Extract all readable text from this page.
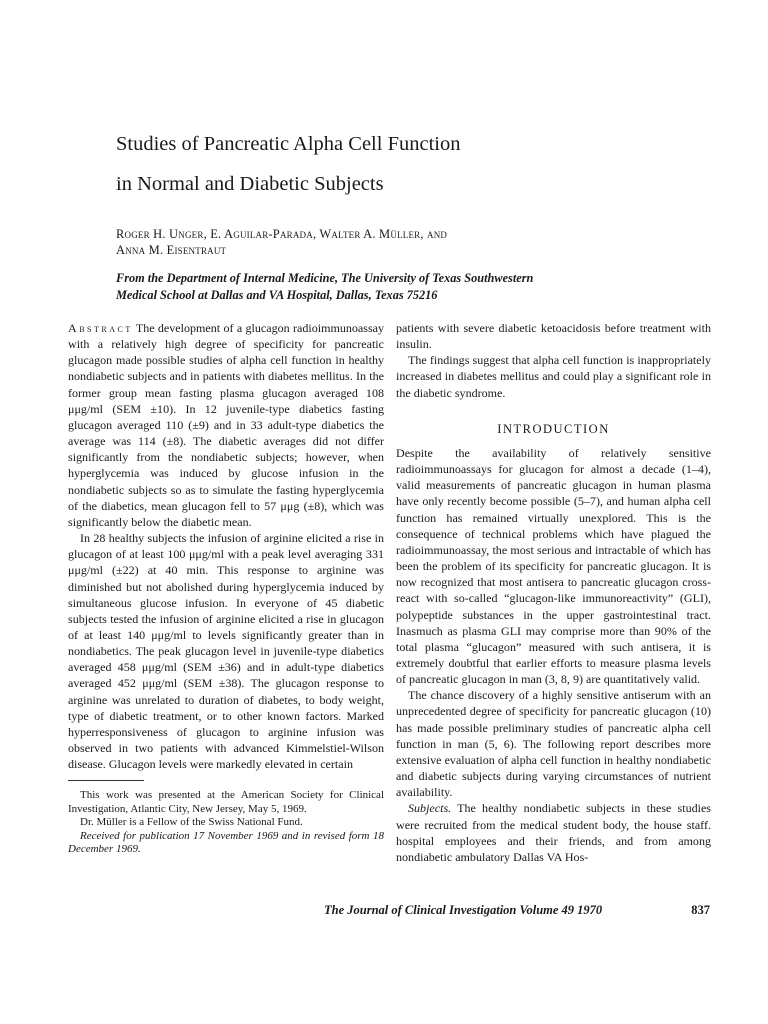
Studies of Pancreatic Alpha Cell Function
in Normal and Diabetic Subjects
Roger H. Unger, E. Aguilar-Parada, Walter A. Müller, and
Anna M. Eisentraut
From the Department of Internal Medicine, The University of Texas Southwestern Medical School at Dallas and VA Hospital, Dallas, Texas 75216

Abstract The development of a glucagon radioimmunoassay with a relatively high degree of specificity for pancreatic glucagon made possible studies of alpha cell function in healthy nondiabetic subjects and in patients with diabetes mellitus. In the former group mean fasting plasma glucagon averaged 108 μμg/ml (SEM ±10). In 12 juvenile-type diabetics fasting glucagon averaged 110 (±9) and in 33 adult-type diabetics the average was 114 (±8). The diabetic averages did not differ significantly from the nondiabetic subjects; however, when hyperglycemia was induced by glucose infusion in the nondiabetic subjects so as to simulate the fasting hyperglycemia of the diabetics, mean glucagon fell to 57 μμg (±8), which was significantly below the diabetic mean.

In 28 healthy subjects the infusion of arginine elicited a rise in glucagon of at least 100 μμg/ml with a peak level averaging 331 μμg/ml (±22) at 40 min. This response to arginine was diminished but not abolished during hyperglycemia induced by simultaneous glucose infusion. In everyone of 45 diabetic subjects tested the infusion of arginine elicited a rise in glucagon of at least 140 μμg/ml to levels significantly greater than in nondiabetics. The peak glucagon level in juvenile-type diabetics averaged 458 μμg/ml (SEM ±36) and in adult-type diabetics averaged 452 μμg/ml (SEM ±38). The glucagon response to arginine was unrelated to duration of diabetes, to body weight, type of diabetic treatment, or to other known factors. Marked hyperresponsiveness of glucagon to arginine infusion was observed in two patients with advanced Kimmelstiel-Wilson disease. Glucagon levels were markedly elevated in certain

This work was presented at the American Society for Clinical Investigation, Atlantic City, New Jersey, May 5, 1969.

Dr. Müller is a Fellow of the Swiss National Fund.

Received for publication 17 November 1969 and in revised form 18 December 1969.

patients with severe diabetic ketoacidosis before treatment with insulin.

The findings suggest that alpha cell function is inappropriately increased in diabetes mellitus and could play a significant role in the diabetic syndrome.

INTRODUCTION

Despite the availability of relatively sensitive radioimmunoassays for glucagon for almost a decade (1–4), valid measurements of pancreatic glucagon in human plasma have only recently become possible (5–7), and human alpha cell function has remained virtually unexplored. This is the consequence of technical problems which have plagued the radioimmunoassay, the most serious and intractable of which has been the problem of its specificity for pancreatic glucagon. It is now recognized that most antisera to pancreatic glucagon cross-react with so-called “glucagon-like immunoreactivity” (GLI), polypeptide substances in the upper gastrointestinal tract. Inasmuch as plasma GLI may comprise more than 90% of the total plasma “glucagon” measured with such antisera, it is extremely doubtful that earlier efforts to measure plasma levels of pancreatic glucagon in man (3, 8, 9) are quantitatively valid.

The chance discovery of a highly sensitive antiserum with an unprecedented degree of specificity for pancreatic glucagon (10) has made possible preliminary studies of pancreatic alpha cell function in man (5, 6). The following report describes more extensive evaluation of alpha cell function in healthy nondiabetic and diabetic subjects during varying circumstances of nutrient availability.

Subjects. The healthy nondiabetic subjects in these studies were recruited from the medical student body, the house staff. hospital employees and their friends, and from among nondiabetic ambulatory Dallas VA Hos-

The Journal of Clinical Investigation Volume 49 1970	837
